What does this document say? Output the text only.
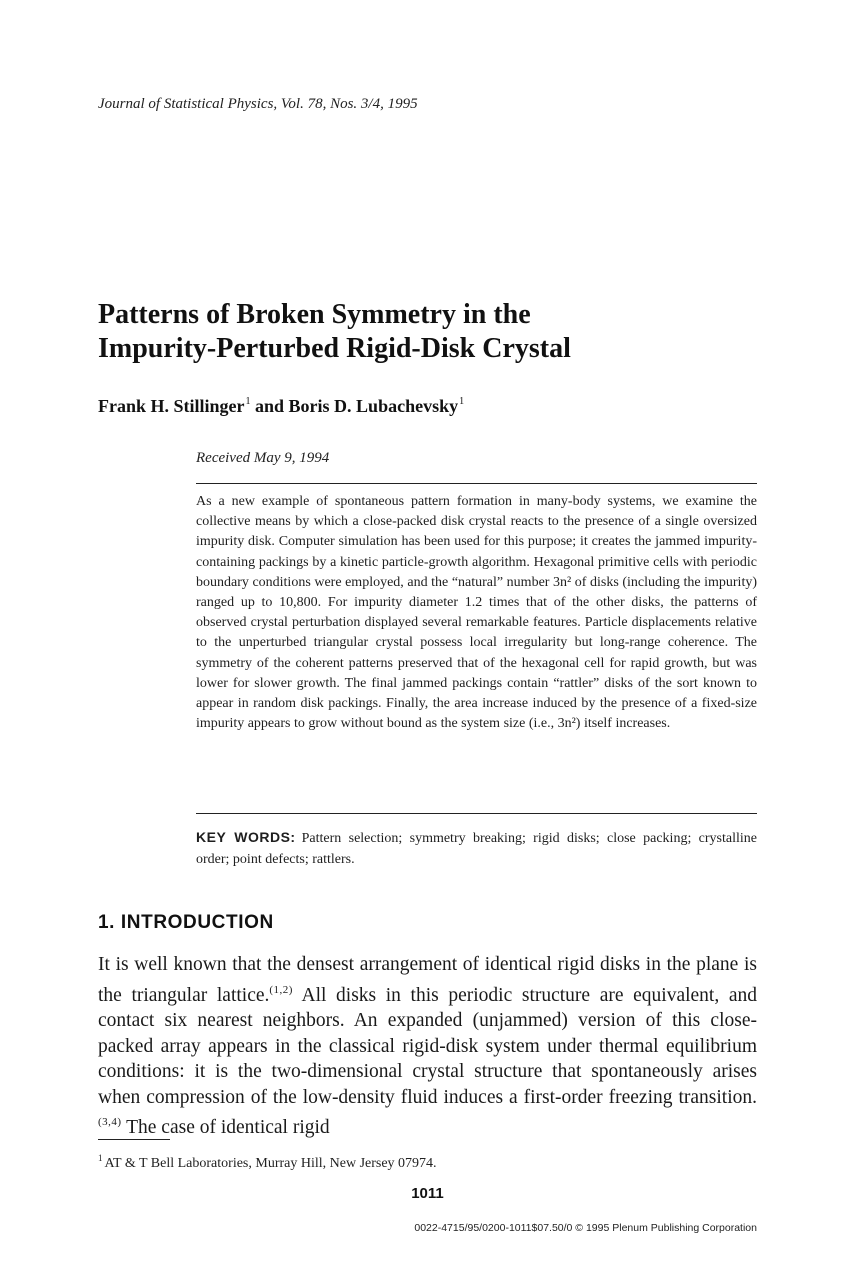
Journal of Statistical Physics, Vol. 78, Nos. 3/4, 1995
Patterns of Broken Symmetry in the
Impurity-Perturbed Rigid-Disk Crystal
Frank H. Stillinger$^1$ and Boris D. Lubachevsky$^1$
Received May 9, 1994
As a new example of spontaneous pattern formation in many-body systems, we examine the collective means by which a close-packed disk crystal reacts to the presence of a single oversized impurity disk. Computer simulation has been used for this purpose; it creates the jammed impurity-containing packings by a kinetic particle-growth algorithm. Hexagonal primitive cells with periodic boundary conditions were employed, and the “natural” number 3n² of disks (including the impurity) ranged up to 10,800. For impurity diameter 1.2 times that of the other disks, the patterns of observed crystal perturbation displayed several remarkable features. Particle displacements relative to the unperturbed triangular crystal possess local irregularity but long-range coherence. The symmetry of the coherent patterns preserved that of the hexagonal cell for rapid growth, but was lower for slower growth. The final jammed packings contain “rattler” disks of the sort known to appear in random disk packings. Finally, the area increase induced by the presence of a fixed-size impurity appears to grow without bound as the system size (i.e., 3n²) itself increases.
KEY WORDS: Pattern selection; symmetry breaking; rigid disks; close packing; crystalline order; point defects; rattlers.
1. INTRODUCTION
It is well known that the densest arrangement of identical rigid disks in the plane is the triangular lattice.$^{(1,2)}$ All disks in this periodic structure are equivalent, and contact six nearest neighbors. An expanded (unjammed) version of this close-packed array appears in the classical rigid-disk system under thermal equilibrium conditions: it is the two-dimensional crystal structure that spontaneously arises when compression of the low-density fluid induces a first-order freezing transition.$^{(3,4)}$ The case of identical rigid
$^1$ AT & T Bell Laboratories, Murray Hill, New Jersey 07974.
1011
0022-4715/95/0200-1011$07.50/0 © 1995 Plenum Publishing Corporation
